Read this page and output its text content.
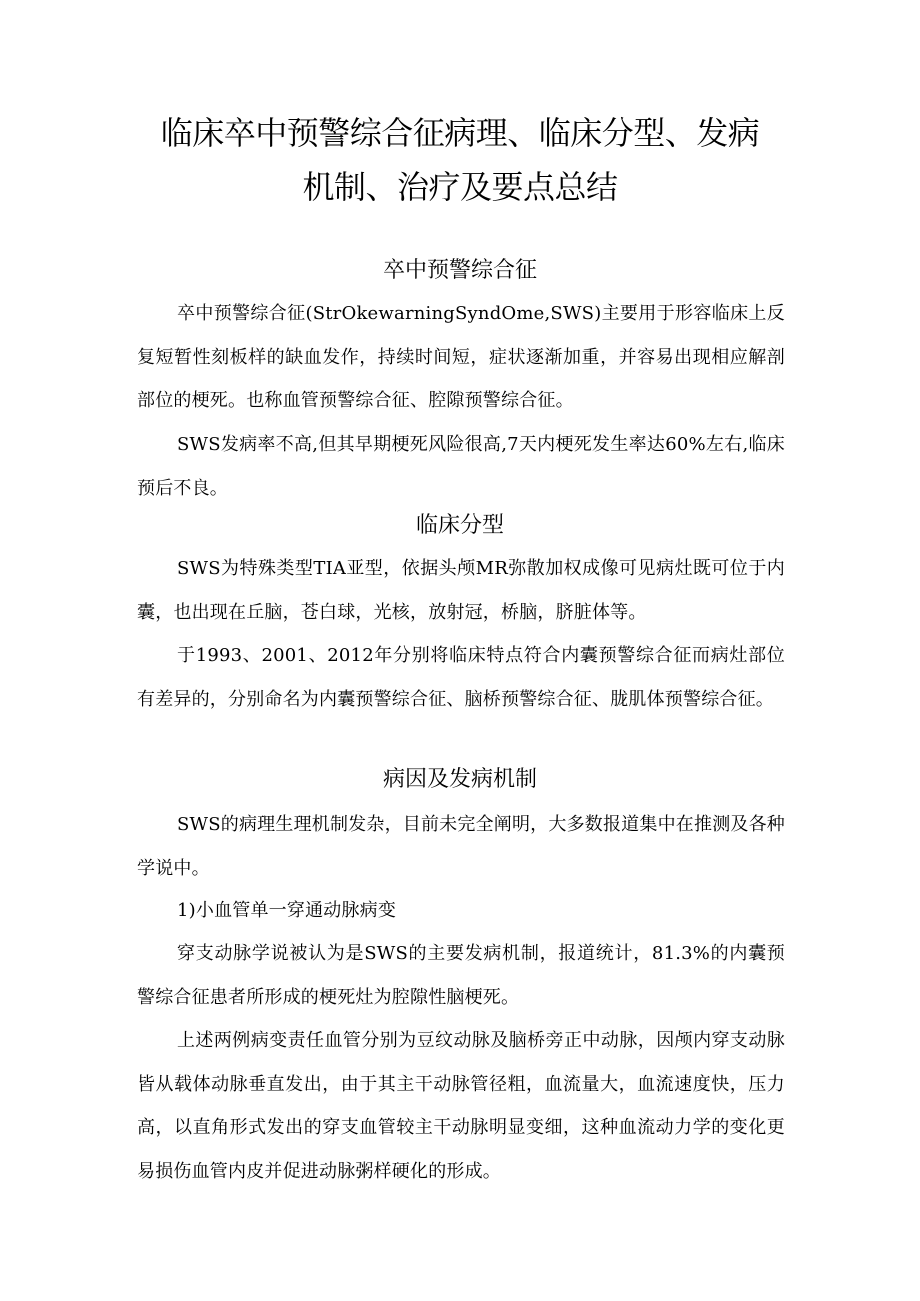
临床卒中预警综合征病理、临床分型、发病
机制、治疗及要点总结
卒中预警综合征

卒中预警综合征(StrOkewarningSyndOme,SWS)主要用于形容临床上反复短暂性刻板样的缺血发作，持续时间短，症状逐渐加重，并容易出现相应解剖部位的梗死。也称血管预警综合征、腔隙预警综合征。

SWS发病率不高,但其早期梗死风险很高,7天内梗死发生率达60%左右,临床预后不良。

临床分型

SWS为特殊类型TIA亚型，依据头颅MR弥散加权成像可见病灶既可位于内囊，也出现在丘脑，苍白球，光核，放射冠，桥脑，脐脏体等。

于1993、2001、2012年分别将临床特点符合内囊预警综合征而病灶部位有差异的，分别命名为内囊预警综合征、脑桥预警综合征、胧肌体预警综合征。

病因及发病机制

SWS的病理生理机制发杂，目前未完全阐明，大多数报道集中在推测及各种学说中。

1)小血管单一穿通动脉病变

穿支动脉学说被认为是SWS的主要发病机制，报道统计，81.3%的内囊预警综合征患者所形成的梗死灶为腔隙性脑梗死。

上述两例病变责任血管分别为豆纹动脉及脑桥旁正中动脉，因颅内穿支动脉皆从载体动脉垂直发出，由于其主干动脉管径粗，血流量大，血流速度快，压力高，以直角形式发出的穿支血管较主干动脉明显变细，这种血流动力学的变化更易损伤血管内皮并促进动脉粥样硬化的形成。
